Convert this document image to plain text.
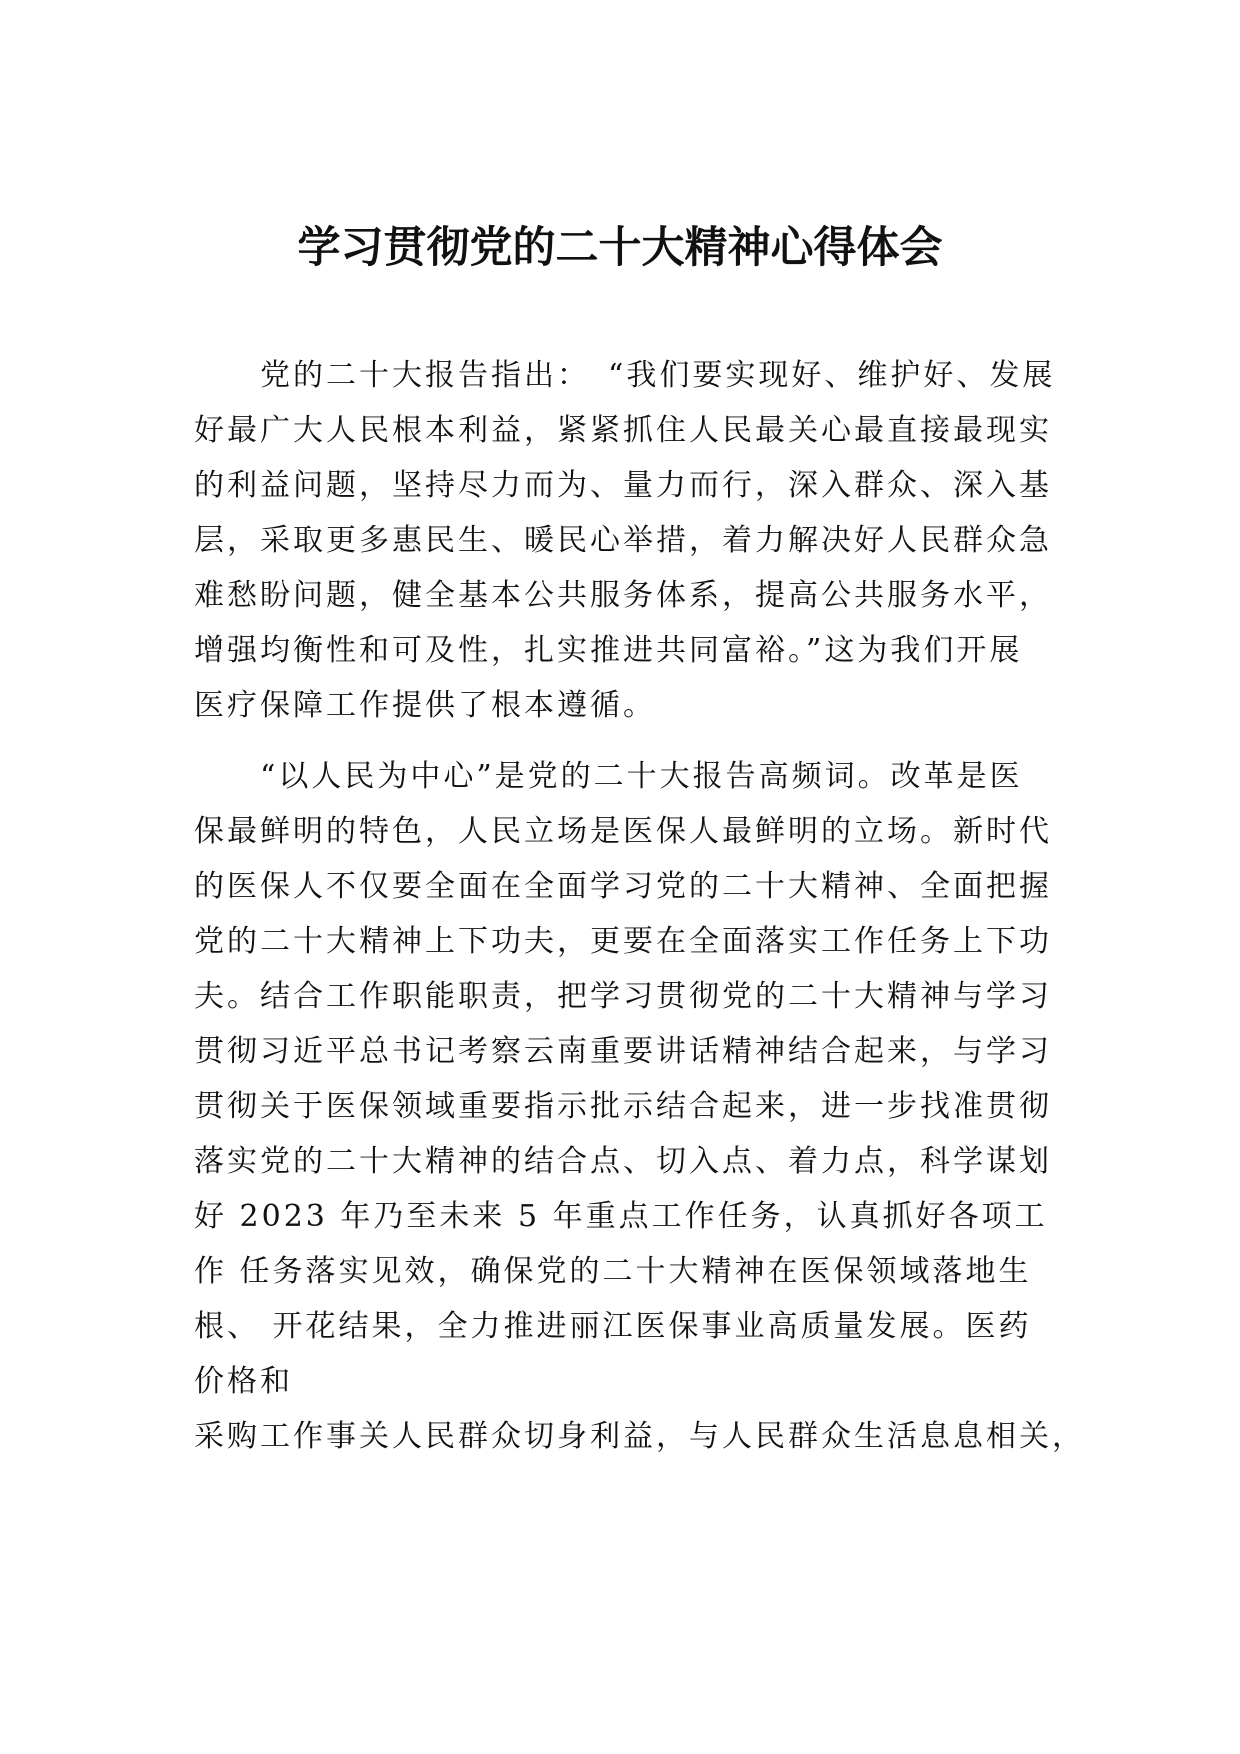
学习贯彻党的二十大精神心得体会

　　党的二十大报告指出：　“我们要实现好、维护好、发展

好最广大人民根本利益，紧紧抓住人民最关心最直接最现实

的利益问题，坚持尽力而为、量力而行，深入群众、深入基

层，采取更多惠民生、暖民心举措，着力解决好人民群众急

难愁盼问题，健全基本公共服务体系，提高公共服务水平，

增强均衡性和可及性，扎实推进共同富裕。”这为我们开展

医疗保障工作提供了根本遵循。

　　“以人民为中心”是党的二十大报告高频词。改革是医

保最鲜明的特色，人民立场是医保人最鲜明的立场。新时代

的医保人不仅要全面在全面学习党的二十大精神、全面把握

党的二十大精神上下功夫，更要在全面落实工作任务上下功

夫。结合工作职能职责，把学习贯彻党的二十大精神与学习

贯彻习近平总书记考察云南重要讲话精神结合起来，与学习

贯彻关于医保领域重要指示批示结合起来，进一步找准贯彻

落实党的二十大精神的结合点、切入点、着力点，科学谋划

好 2023 年乃至未来 5 年重点工作任务，认真抓好各项工

作 任务落实见效，确保党的二十大精神在医保领域落地生

根、 开花结果，全力推进丽江医保事业高质量发展。医药

价格和

采购工作事关人民群众切身利益，与人民群众生活息息相关，
